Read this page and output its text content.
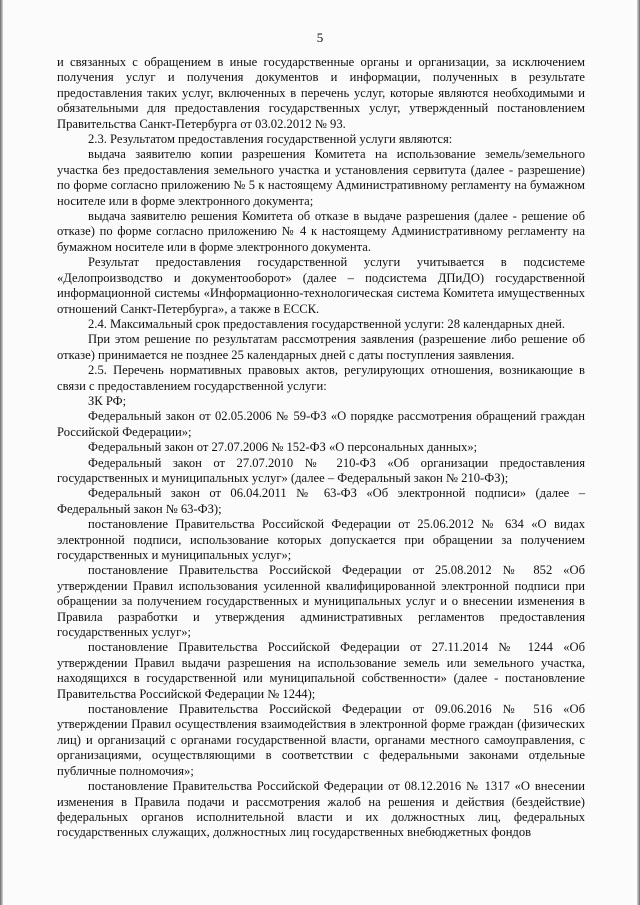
5

и связанных с обращением в иные государственные органы и организации, за исключением получения услуг и получения документов и информации, полученных в результате предоставления таких услуг, включенных в перечень услуг, которые являются необходимыми и обязательными для предоставления государственных услуг, утвержденный постановлением Правительства Санкт-Петербурга от 03.02.2012 № 93.

2.3. Результатом предоставления государственной услуги являются:

выдача заявителю копии разрешения Комитета на использование земель/земельного участка без предоставления земельного участка и установления сервитута (далее - разрешение) по форме согласно приложению № 5 к настоящему Административному регламенту на бумажном носителе или в форме электронного документа;

выдача заявителю решения Комитета об отказе в выдаче разрешения (далее - решение об отказе) по форме согласно приложению № 4 к настоящему Административному регламенту на бумажном носителе или в форме электронного документа.

Результат предоставления государственной услуги учитывается в подсистеме «Делопроизводство и документооборот» (далее – подсистема ДПиДО) государственной информационной системы «Информационно-технологическая система Комитета имущественных отношений Санкт-Петербурга», а также в ЕССК.

2.4. Максимальный срок предоставления государственной услуги: 28 календарных дней.

При этом решение по результатам рассмотрения заявления (разрешение либо решение об отказе) принимается не позднее 25 календарных дней с даты поступления заявления.

2.5. Перечень нормативных правовых актов, регулирующих отношения, возникающие в связи с предоставлением государственной услуги:

ЗК РФ;

Федеральный закон от 02.05.2006 № 59-ФЗ «О порядке рассмотрения обращений граждан Российской Федерации»;

Федеральный закон от 27.07.2006 № 152-ФЗ «О персональных данных»;

Федеральный закон от 27.07.2010 № 210-ФЗ «Об организации предоставления государственных и муниципальных услуг» (далее – Федеральный закон № 210-ФЗ);

Федеральный закон от 06.04.2011 № 63-ФЗ «Об электронной подписи» (далее – Федеральный закон № 63-ФЗ);

постановление Правительства Российской Федерации от 25.06.2012 № 634 «О видах электронной подписи, использование которых допускается при обращении за получением государственных и муниципальных услуг»;

постановление Правительства Российской Федерации от 25.08.2012 № 852 «Об утверждении Правил использования усиленной квалифицированной электронной подписи при обращении за получением государственных и муниципальных услуг и о внесении изменения в Правила разработки и утверждения административных регламентов предоставления государственных услуг»;

постановление Правительства Российской Федерации от 27.11.2014 № 1244 «Об утверждении Правил выдачи разрешения на использование земель или земельного участка, находящихся в государственной или муниципальной собственности» (далее - постановление Правительства Российской Федерации № 1244);

постановление Правительства Российской Федерации от 09.06.2016 № 516 «Об утверждении Правил осуществления взаимодействия в электронной форме граждан (физических лиц) и организаций с органами государственной власти, органами местного самоуправления, с организациями, осуществляющими в соответствии с федеральными законами отдельные публичные полномочия»;

постановление Правительства Российской Федерации от 08.12.2016 № 1317 «О внесении изменения в Правила подачи и рассмотрения жалоб на решения и действия (бездействие) федеральных органов исполнительной власти и их должностных лиц, федеральных государственных служащих, должностных лиц государственных внебюджетных фондов
